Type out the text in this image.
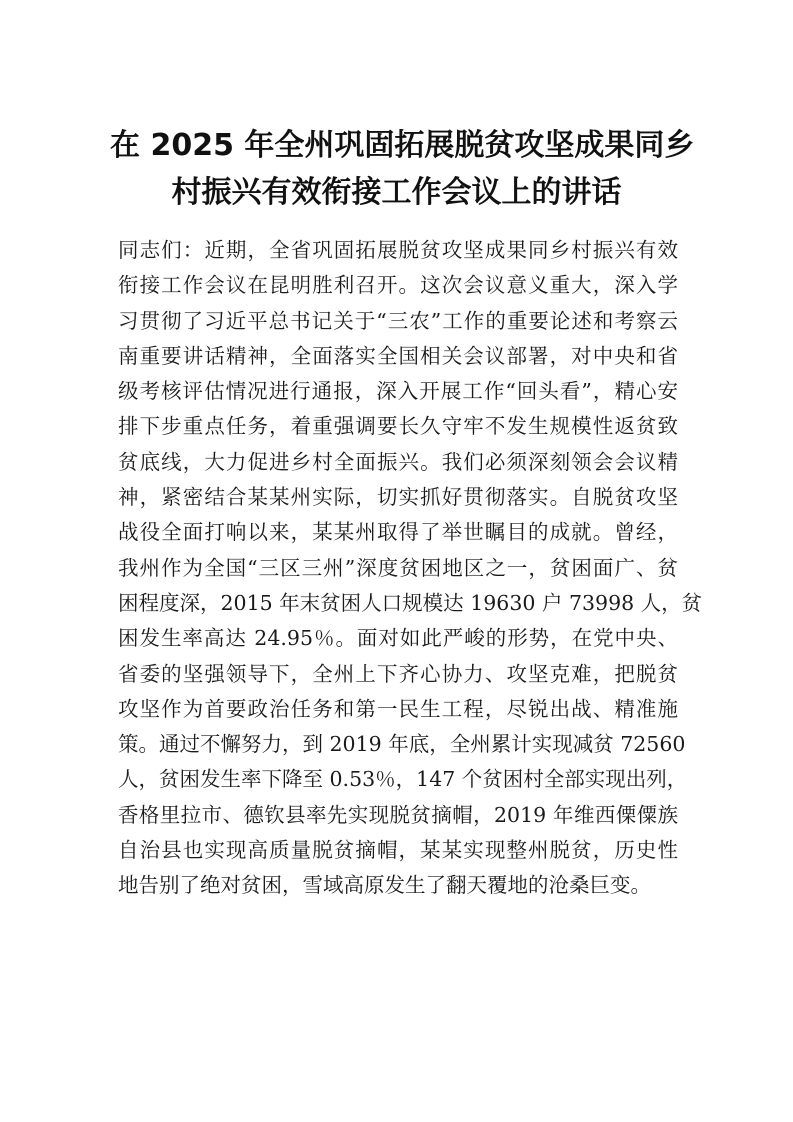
在 2025 年全州巩固拓展脱贫攻坚成果同乡
村振兴有效衔接工作会议上的讲话
同志们：近期，全省巩固拓展脱贫攻坚成果同乡村振兴有效
衔接工作会议在昆明胜利召开。这次会议意义重大，深入学
习贯彻了习近平总书记关于“三农”工作的重要论述和考察云
南重要讲话精神，全面落实全国相关会议部署，对中央和省
级考核评估情况进行通报，深入开展工作“回头看”，精心安
排下步重点任务，着重强调要长久守牢不发生规模性返贫致
贫底线，大力促进乡村全面振兴。我们必须深刻领会会议精
神，紧密结合某某州实际，切实抓好贯彻落实。自脱贫攻坚
战役全面打响以来，某某州取得了举世瞩目的成就。曾经，
我州作为全国“三区三州”深度贫困地区之一，贫困面广、贫
困程度深，2015 年末贫困人口规模达 19630 户 73998 人，贫
困发生率高达 24.95％。面对如此严峻的形势，在党中央、
省委的坚强领导下，全州上下齐心协力、攻坚克难，把脱贫
攻坚作为首要政治任务和第一民生工程，尽锐出战、精准施
策。通过不懈努力，到 2019 年底，全州累计实现减贫 72560
人，贫困发生率下降至 0.53％，147 个贫困村全部实现出列，
香格里拉市、德钦县率先实现脱贫摘帽，2019 年维西傈僳族
自治县也实现高质量脱贫摘帽，某某实现整州脱贫，历史性
地告别了绝对贫困，雪域高原发生了翻天覆地的沧桑巨变。
